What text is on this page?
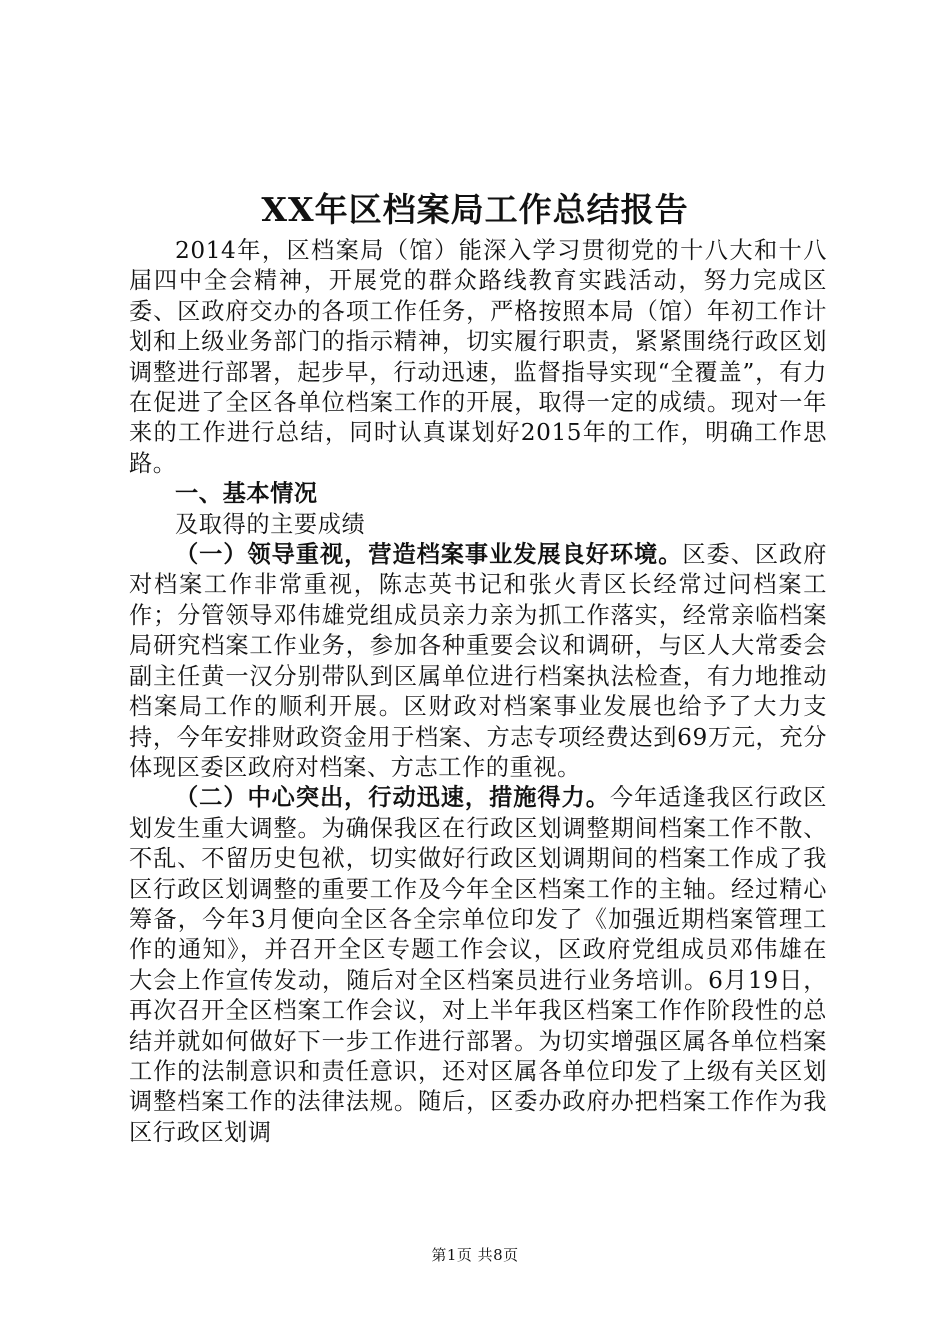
XX年区档案局工作总结报告

2014年，区档案局（馆）能深入学习贯彻党的十八大和十八届四中全会精神，开展党的群众路线教育实践活动，努力完成区委、区政府交办的各项工作任务，严格按照本局（馆）年初工作计划和上级业务部门的指示精神，切实履行职责，紧紧围绕行政区划调整进行部署，起步早，行动迅速，监督指导实现“全覆盖”，有力在促进了全区各单位档案工作的开展，取得一定的成绩。现对一年来的工作进行总结，同时认真谋划好2015年的工作，明确工作思路。

一、基本情况

及取得的主要成绩

（一）领导重视，营造档案事业发展良好环境。区委、区政府对档案工作非常重视，陈志英书记和张火青区长经常过问档案工作；分管领导邓伟雄党组成员亲力亲为抓工作落实，经常亲临档案局研究档案工作业务，参加各种重要会议和调研，与区人大常委会副主任黄一汉分别带队到区属单位进行档案执法检查，有力地推动档案局工作的顺利开展。区财政对档案事业发展也给予了大力支持，今年安排财政资金用于档案、方志专项经费达到69万元，充分体现区委区政府对档案、方志工作的重视。

（二）中心突出，行动迅速，措施得力。今年适逢我区行政区划发生重大调整。为确保我区在行政区划调整期间档案工作不散、不乱、不留历史包袱，切实做好行政区划调期间的档案工作成了我区行政区划调整的重要工作及今年全区档案工作的主轴。经过精心筹备，今年3月便向全区各全宗单位印发了《加强近期档案管理工作的通知》，并召开全区专题工作会议，区政府党组成员邓伟雄在大会上作宣传发动，随后对全区档案员进行业务培训。6月19日，再次召开全区档案工作会议，对上半年我区档案工作作阶段性的总结并就如何做好下一步工作进行部署。为切实增强区属各单位档案工作的法制意识和责任意识，还对区属各单位印发了上级有关区划调整档案工作的法律法规。随后，区委办政府办把档案工作作为我区行政区划调

第1页 共8页
